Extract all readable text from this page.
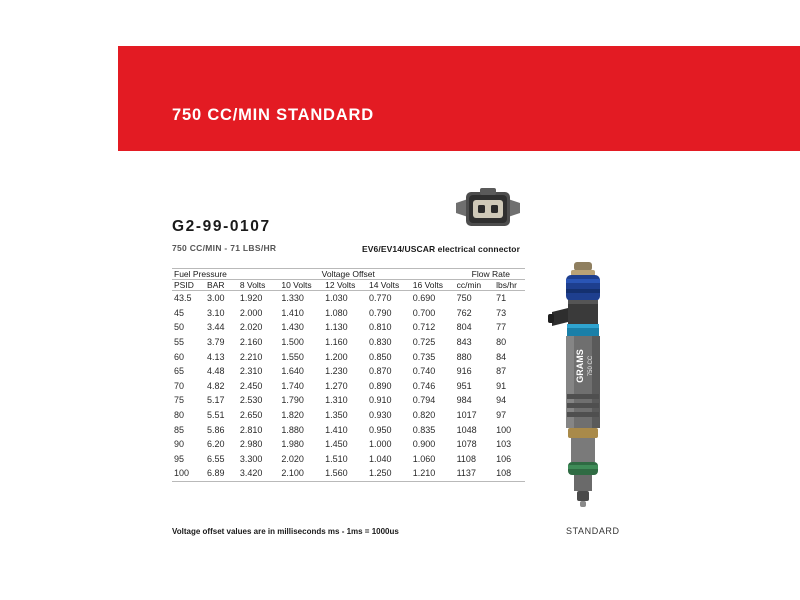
750 CC/MIN STANDARD
G2-99-0107
750 CC/MIN - 71 LBS/HR	EV6/EV14/USCAR electrical connector
Fuel Pressure		Voltage Offset					Flow Rate	
PSID	BAR	8 Volts	10 Volts	12 Volts	14 Volts	16 Volts	cc/min	lbs/hr
43.5	3.00	1.920	1.330	1.030	0.770	0.690	750	71
45	3.10	2.000	1.410	1.080	0.790	0.700	762	73
50	3.44	2.020	1.430	1.130	0.810	0.712	804	77
55	3.79	2.160	1.500	1.160	0.830	0.725	843	80
60	4.13	2.210	1.550	1.200	0.850	0.735	880	84
65	4.48	2.310	1.640	1.230	0.870	0.740	916	87
70	4.82	2.450	1.740	1.270	0.890	0.746	951	91
75	5.17	2.530	1.790	1.310	0.910	0.794	984	94
80	5.51	2.650	1.820	1.350	0.930	0.820	1017	97
85	5.86	2.810	1.880	1.410	0.950	0.835	1048	100
90	6.20	2.980	1.980	1.450	1.000	0.900	1078	103
95	6.55	3.300	2.020	1.510	1.040	1.060	1108	106
100	6.89	3.420	2.100	1.560	1.250	1.210	1137	108
Voltage offset values are in milliseconds ms - 1ms = 1000us
GRAMS 750 CC
STANDARD
